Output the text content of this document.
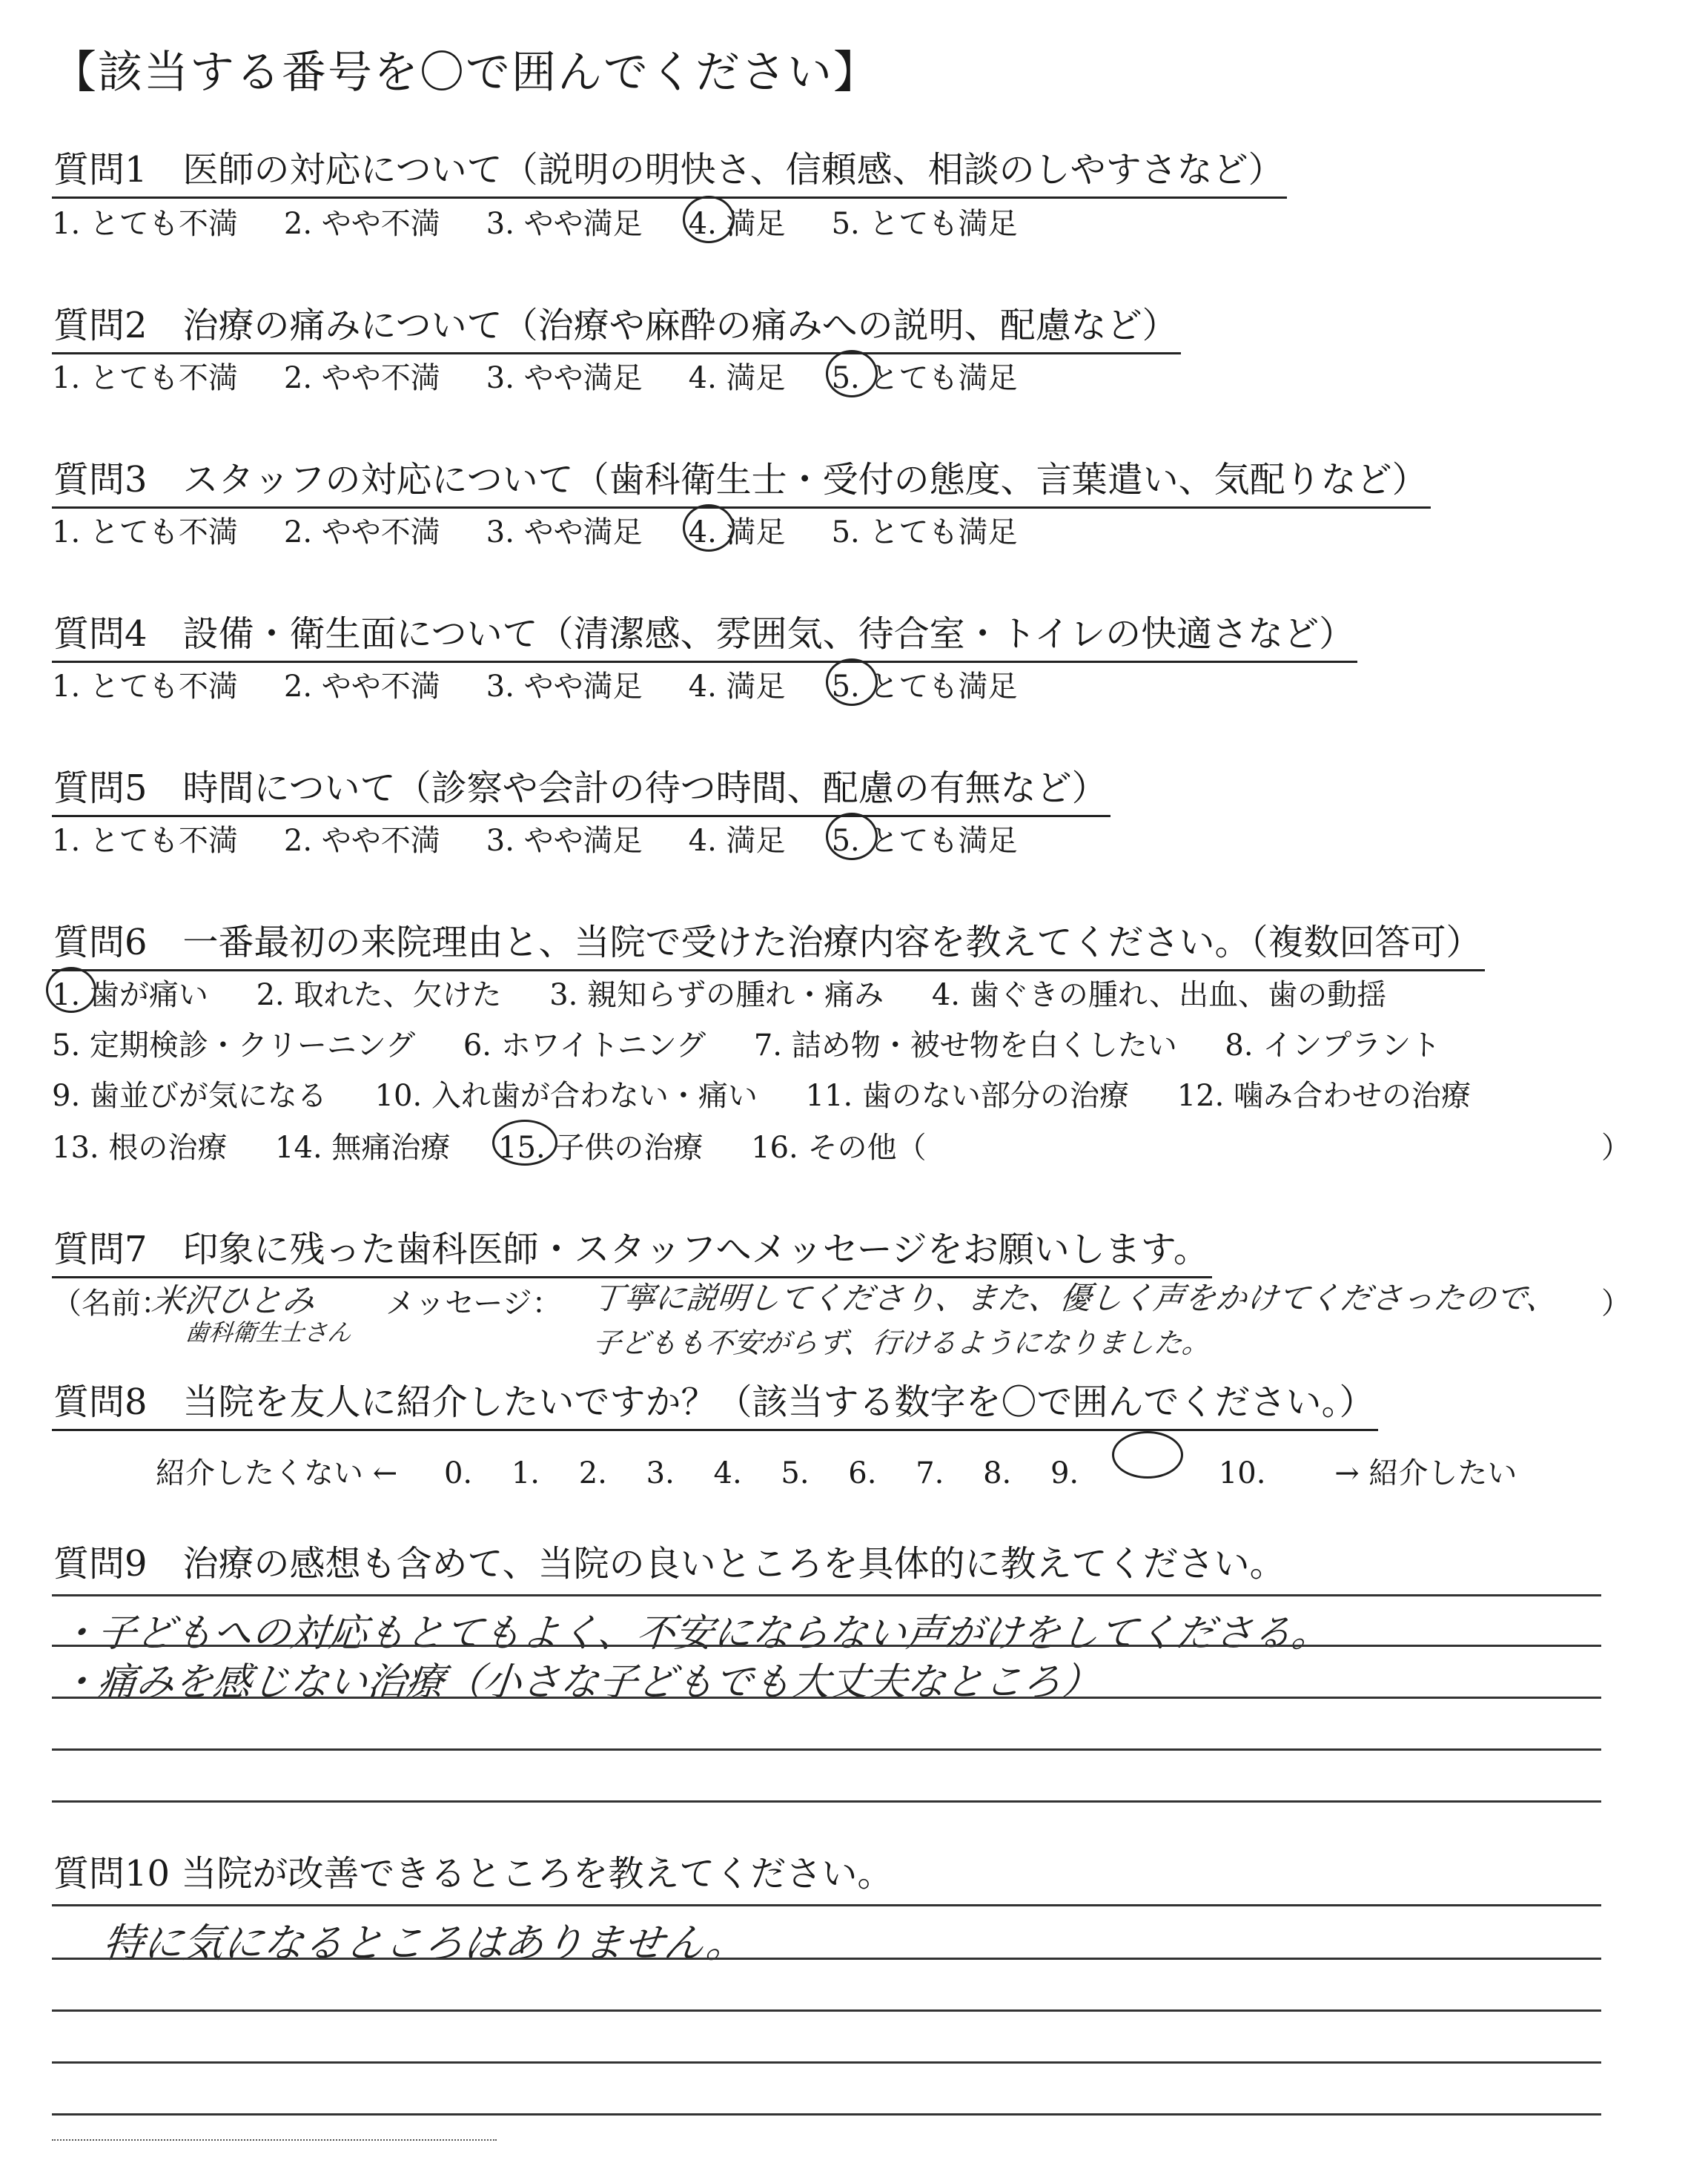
【該当する番号を〇で囲んでください】
質問1　医師の対応について（説明の明快さ、信頼感、相談のしやすさなど）
1. とても不満 2. やや不満 3. やや満足 4. 満足 5. とても満足
質問2　治療の痛みについて（治療や麻酔の痛みへの説明、配慮など）
1. とても不満 2. やや不満 3. やや満足 4. 満足 5. とても満足
質問3　スタッフの対応について（歯科衛生士・受付の態度、言葉遣い、気配りなど）
1. とても不満 2. やや不満 3. やや満足 4. 満足 5. とても満足
質問4　設備・衛生面について（清潔感、雰囲気、待合室・トイレの快適さなど）
1. とても不満 2. やや不満 3. やや満足 4. 満足 5. とても満足
質問5　時間について（診察や会計の待つ時間、配慮の有無など）
1. とても不満 2. やや不満 3. やや満足 4. 満足 5. とても満足
質問6　一番最初の来院理由と、当院で受けた治療内容を教えてください。（複数回答可）
1. 歯が痛い 2. 取れた、欠けた 3. 親知らずの腫れ・痛み 4. 歯ぐきの腫れ、出血、歯の動揺
5. 定期検診・クリーニング 6. ホワイトニング 7. 詰め物・被せ物を白くしたい 8. インプラント
9. 歯並びが気になる 10. 入れ歯が合わない・痛い 11. 歯のない部分の治療 12. 噛み合わせの治療
13. 根の治療 14. 無痛治療 15. 子供の治療 16. その他（	）
質問7　印象に残った歯科医師・スタッフへメッセージをお願いします。
（名前：
米沢ひとみ
歯科衛生士さん
メッセージ： 丁寧に説明してくださり、また、優しく声をかけてくださったので、
子どもも不安がらず、行けるようになりました。
）
質問8　当院を友人に紹介したいですか？（該当する数字を〇で囲んでください。）
紹介したくない ← 0. 1. 2. 3. 4. 5. 6. 7. 8. 9.	10. → 紹介したい
質問9　治療の感想も含めて、当院の良いところを具体的に教えてください。
・子どもへの対応もとてもよく、不安にならない声がけをしてくださる。
・痛みを感じない治療（小さな子どもでも大丈夫なところ）
質問10 当院が改善できるところを教えてください。
特に気になるところはありません。
